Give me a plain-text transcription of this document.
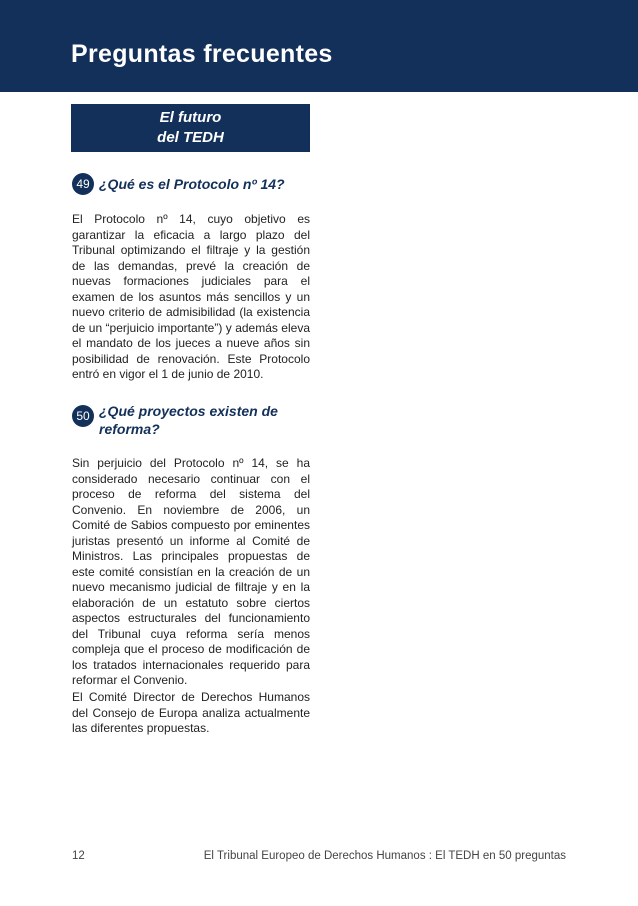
Preguntas frecuentes
El futuro
del TEDH
49 ¿Qué es el Protocolo nº 14?

El Protocolo nº 14, cuyo objetivo es garantizar la eficacia a largo plazo del Tribunal optimizando el filtraje y la gestión de las demandas, prevé la creación de nuevas formaciones judiciales para el examen de los asuntos más sencillos y un nuevo criterio de admisibilidad (la existencia de un “perjuicio importante”) y además eleva el mandato de los jueces a nueve años sin posibilidad de renovación. Este Protocolo entró en vigor el 1 de junio de 2010.

50 ¿Qué proyectos existen de reforma?

Sin perjuicio del Protocolo nº 14, se ha considerado necesario continuar con el proceso de reforma del sistema del Convenio. En noviembre de 2006, un Comité de Sabios compuesto por eminentes juristas presentó un informe al Comité de Ministros. Las principales propuestas de este comité consistían en la creación de un nuevo mecanismo judicial de filtraje y en la elaboración de un estatuto sobre ciertos aspectos estructurales del funcionamiento del Tribunal cuya reforma sería menos compleja que el proceso de modificación de los tratados internacionales requerido para reformar el Convenio.

El Comité Director de Derechos Humanos del Consejo de Europa analiza actualmente las diferentes propuestas.

12	El Tribunal Europeo de Derechos Humanos : El TEDH en 50 preguntas
